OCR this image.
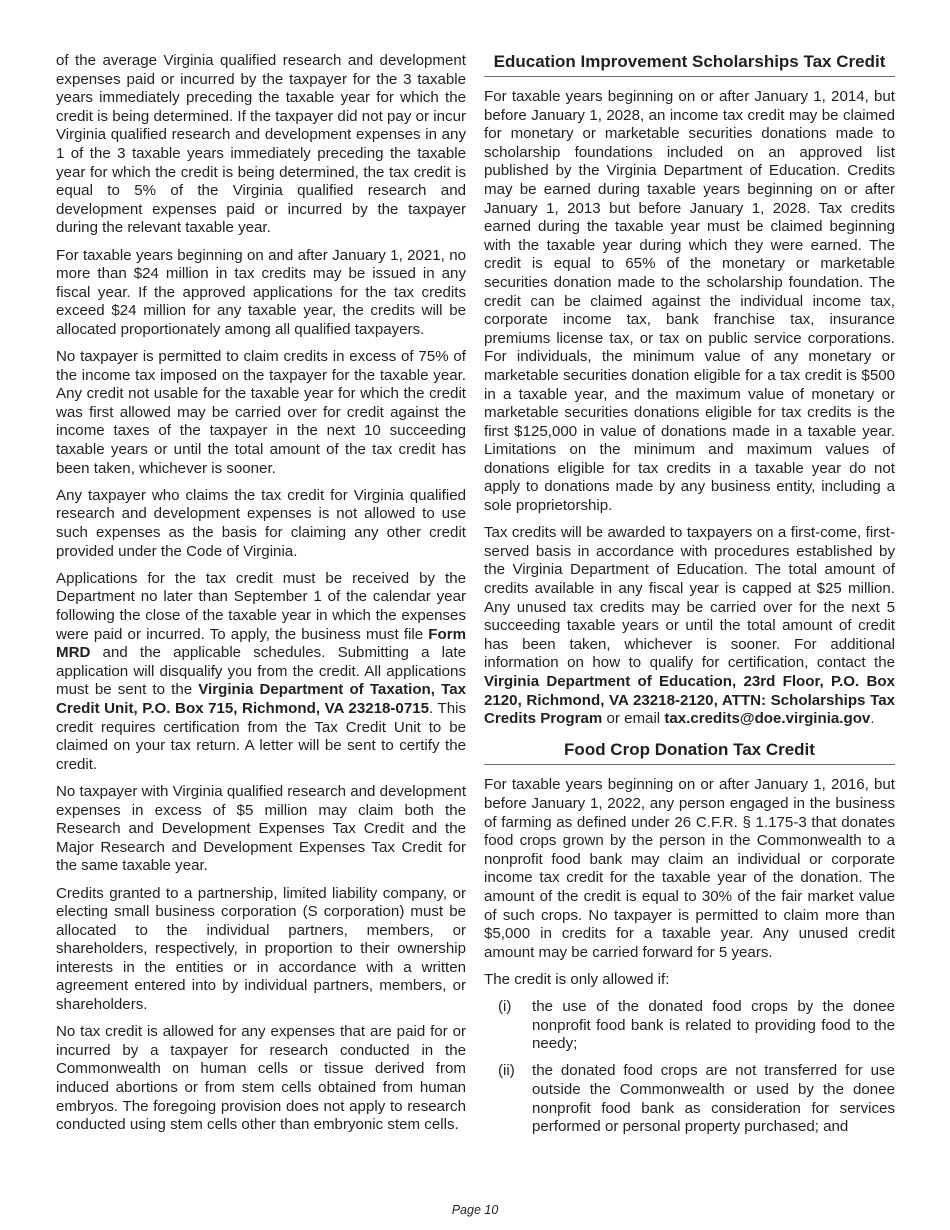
of the average Virginia qualified research and development expenses paid or incurred by the taxpayer for the 3 taxable years immediately preceding the taxable year for which the credit is being determined. If the taxpayer did not pay or incur Virginia qualified research and development expenses in any 1 of the 3 taxable years immediately preceding the taxable year for which the credit is being determined, the tax credit is equal to 5% of the Virginia qualified research and development expenses paid or incurred by the taxpayer during the relevant taxable year.

For taxable years beginning on and after January 1, 2021, no more than $24 million in tax credits may be issued in any fiscal year. If the approved applications for the tax credits exceed $24 million for any taxable year, the credits will be allocated proportionately among all qualified taxpayers.

No taxpayer is permitted to claim credits in excess of 75% of the income tax imposed on the taxpayer for the taxable year. Any credit not usable for the taxable year for which the credit was first allowed may be carried over for credit against the income taxes of the taxpayer in the next 10 succeeding taxable years or until the total amount of the tax credit has been taken, whichever is sooner.

Any taxpayer who claims the tax credit for Virginia qualified research and development expenses is not allowed to use such expenses as the basis for claiming any other credit provided under the Code of Virginia.

Applications for the tax credit must be received by the Department no later than September 1 of the calendar year following the close of the taxable year in which the expenses were paid or incurred. To apply, the business must file Form MRD and the applicable schedules. Submitting a late application will disqualify you from the credit. All applications must be sent to the Virginia Department of Taxation, Tax Credit Unit, P.O. Box 715, Richmond, VA 23218-0715. This credit requires certification from the Tax Credit Unit to be claimed on your tax return. A letter will be sent to certify the credit.

No taxpayer with Virginia qualified research and development expenses in excess of $5 million may claim both the Research and Development Expenses Tax Credit and the Major Research and Development Expenses Tax Credit for the same taxable year.

Credits granted to a partnership, limited liability company, or electing small business corporation (S corporation) must be allocated to the individual partners, members, or shareholders, respectively, in proportion to their ownership interests in the entities or in accordance with a written agreement entered into by individual partners, members, or shareholders.

No tax credit is allowed for any expenses that are paid for or incurred by a taxpayer for research conducted in the Commonwealth on human cells or tissue derived from induced abortions or from stem cells obtained from human embryos. The foregoing provision does not apply to research conducted using stem cells other than embryonic stem cells.

Education Improvement Scholarships Tax Credit

For taxable years beginning on or after January 1, 2014, but before January 1, 2028, an income tax credit may be claimed for monetary or marketable securities donations made to scholarship foundations included on an approved list published by the Virginia Department of Education. Credits may be earned during taxable years beginning on or after January 1, 2013 but before January 1, 2028. Tax credits earned during the taxable year must be claimed beginning with the taxable year during which they were earned. The credit is equal to 65% of the monetary or marketable securities donation made to the scholarship foundation. The credit can be claimed against the individual income tax, corporate income tax, bank franchise tax, insurance premiums license tax, or tax on public service corporations. For individuals, the minimum value of any monetary or marketable securities donation eligible for a tax credit is $500 in a taxable year, and the maximum value of monetary or marketable securities donations eligible for tax credits is the first $125,000 in value of donations made in a taxable year. Limitations on the minimum and maximum values of donations eligible for tax credits in a taxable year do not apply to donations made by any business entity, including a sole proprietorship.

Tax credits will be awarded to taxpayers on a first-come, first-served basis in accordance with procedures established by the Virginia Department of Education. The total amount of credits available in any fiscal year is capped at $25 million. Any unused tax credits may be carried over for the next 5 succeeding taxable years or until the total amount of credit has been taken, whichever is sooner. For additional information on how to qualify for certification, contact the Virginia Department of Education, 23rd Floor, P.O. Box 2120, Richmond, VA 23218-2120, ATTN: Scholarships Tax Credits Program or email tax.credits@doe.virginia.gov.

Food Crop Donation Tax Credit

For taxable years beginning on or after January 1, 2016, but before January 1, 2022, any person engaged in the business of farming as defined under 26 C.F.R. § 1.175-3 that donates food crops grown by the person in the Commonwealth to a nonprofit food bank may claim an individual or corporate income tax credit for the taxable year of the donation. The amount of the credit is equal to 30% of the fair market value of such crops. No taxpayer is permitted to claim more than $5,000 in credits for a taxable year. Any unused credit amount may be carried forward for 5 years.

The credit is only allowed if:

(i)	the use of the donated food crops by the donee nonprofit food bank is related to providing food to the needy;
(ii)	the donated food crops are not transferred for use outside the Commonwealth or used by the donee nonprofit food bank as consideration for services performed or personal property purchased; and
Page 10
